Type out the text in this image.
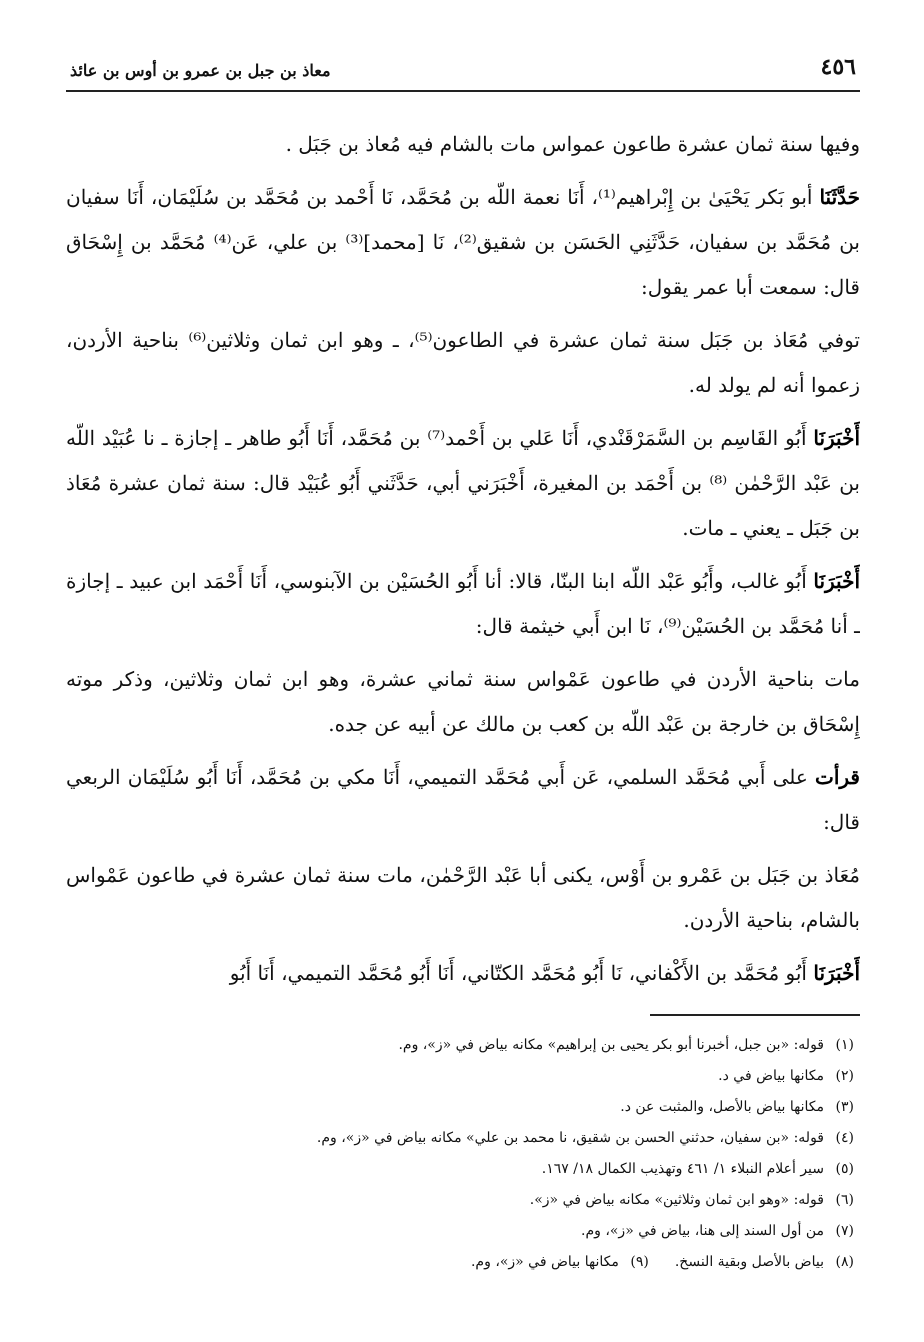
٤٥٦
معاذ بن جبل بن عمرو بن أوس بن عائذ

وفيها سنة ثمان عشرة طاعون عمواس مات بالشام فيه مُعاذ بن جَبَل .

حَدَّثَنَا أبو بَكر يَحْيَىٰ بن إِبْراهيم⁽¹⁾، أَنَا نعمة اللّه بن مُحَمَّد، نَا أَحْمد بن مُحَمَّد بن سُلَيْمَان، أَنَا سفيان بن مُحَمَّد بن سفيان، حَدَّثَنِي الحَسَن بن شقيق⁽²⁾، نَا [محمد]⁽³⁾ بن علي، عَن⁽⁴⁾ مُحَمَّد بن إِسْحَاق قال: سمعت أبا عمر يقول:

توفي مُعَاذ بن جَبَل سنة ثمان عشرة في الطاعون⁽⁵⁾، ـ وهو ابن ثمان وثلاثين⁽⁶⁾ بناحية الأردن، زعموا أنه لم يولد له.

أَخْبَرَنَا أَبُو القَاسِم بن السَّمَرْقَنْدي، أَنَا عَلي بن أَحْمد⁽⁷⁾ بن مُحَمَّد، أَنَا أَبُو طاهر ـ إجازة ـ نا عُبَيْد اللّه بن عَبْد الرَّحْمٰن ⁽⁸⁾ بن أَحْمَد بن المغيرة، أَخْبَرَني أبي، حَدَّثَني أَبُو عُبَيْد قال: سنة ثمان عشرة مُعَاذ بن جَبَل ـ يعني ـ مات.

أَخْبَرَنَا أَبُو غالب، وأَبُو عَبْد اللّه ابنا البنّا، قالا: أنا أَبُو الحُسَيْن بن الآبنوسي، أَنَا أَحْمَد ابن عبيد ـ إجازة ـ أنا مُحَمَّد بن الحُسَيْن⁽⁹⁾، نَا ابن أَبي خيثمة قال:

مات بناحية الأردن في طاعون عَمْواس سنة ثماني عشرة، وهو ابن ثمان وثلاثين، وذكر موته إِسْحَاق بن خارجة بن عَبْد اللّه بن كعب بن مالك عن أبيه عن جده.

قرأت على أَبي مُحَمَّد السلمي، عَن أَبي مُحَمَّد التميمي، أَنَا مكي بن مُحَمَّد، أَنَا أَبُو سُلَيْمَان الربعي قال:

مُعَاذ بن جَبَل بن عَمْرو بن أَوْس، يكنى أبا عَبْد الرَّحْمٰن، مات سنة ثمان عشرة في طاعون عَمْواس بالشام، بناحية الأردن.

أَخْبَرَنَا أَبُو مُحَمَّد بن الأَكْفاني، نَا أَبُو مُحَمَّد الكتّاني، أَنَا أَبُو مُحَمَّد التميمي، أَنَا أَبُو

(١)قوله: «بن جبل، أخبرنا أبو بكر يحيى بن إبراهيم» مكانه بياض في «ز»، وم.
(٢)مكانها بياض في د.
(٣)مكانها بياض بالأصل، والمثبت عن د.
(٤)قوله: «بن سفيان، حدثني الحسن بن شقيق، نا محمد بن علي» مكانه بياض في «ز»، وم.
(٥)سير أعلام النبلاء ١/ ٤٦١ وتهذيب الكمال ١٨/ ١٦٧.
(٦)قوله: «وهو ابن ثمان وثلاثين» مكانه بياض في «ز».
(٧)من أول السند إلى هنا، بياض في «ز»، وم.
(٨)
بياض بالأصل وبقية النسخ.
(٩)
مكانها بياض في «ز»، وم.
